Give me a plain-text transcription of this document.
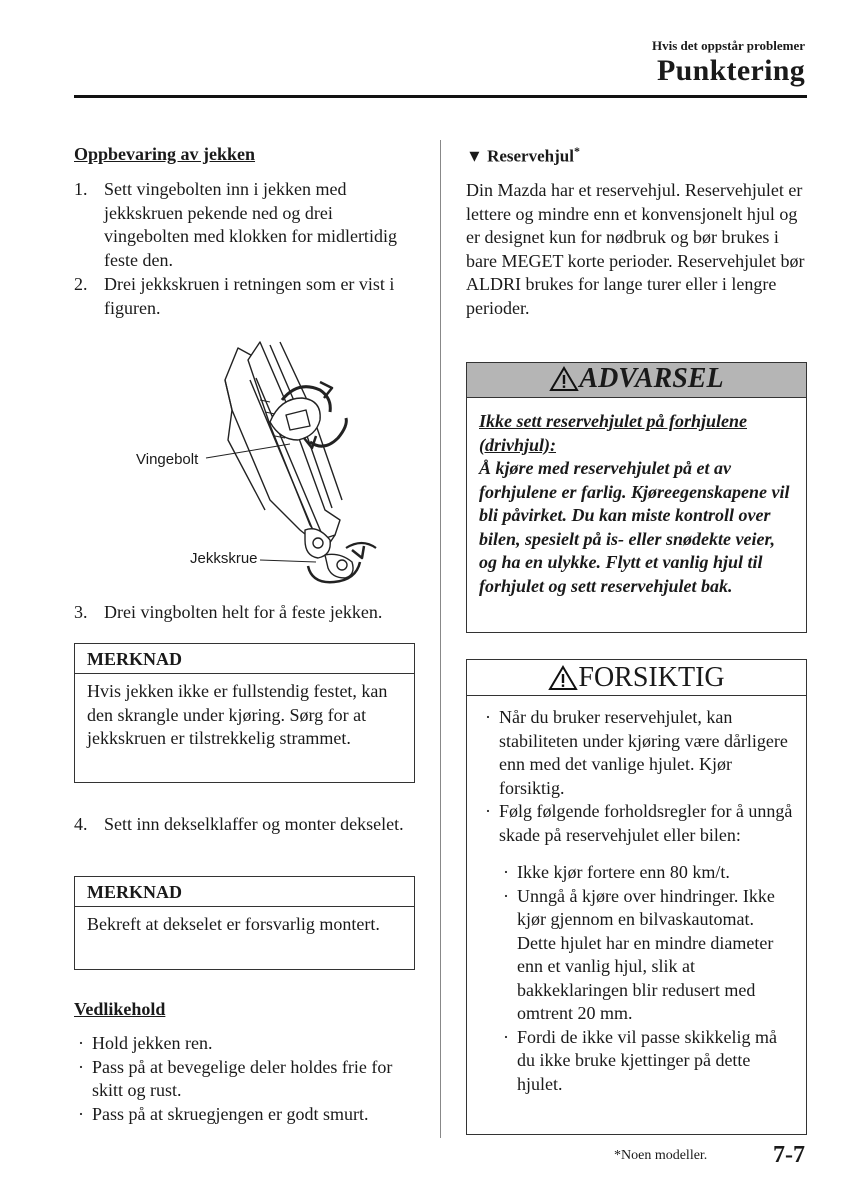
Hvis det oppstår problemer
Punktering
Oppbevaring av jekken
1. Sett vingebolten inn i jekken med jekkskruen pekende ned og drei vingebolten med klokken for midlertidig feste den.
2. Drei jekkskruen i retningen som er vist i figuren.
Vingebolt
Jekkskrue
3. Drei vingbolten helt for å feste jekken.
MERKNAD
Hvis jekken ikke er fullstendig festet, kan den skrangle under kjøring. Sørg for at jekkskruen er tilstrekkelig strammet.
4. Sett inn dekselklaffer og monter dekselet.
MERKNAD
Bekreft at dekselet er forsvarlig montert.
Vedlikehold
· Hold jekken ren.
· Pass på at bevegelige deler holdes frie for skitt og rust.
· Pass på at skruegjengen er godt smurt.
▼ Reservehjul*
Din Mazda har et reservehjul. Reservehjulet er lettere og mindre enn et konvensjonelt hjul og er designet kun for nødbruk og bør brukes i bare MEGET korte perioder. Reservehjulet bør ALDRI brukes for lange turer eller i lengre perioder.
ADVARSEL
Ikke sett reservehjulet på forhjulene (drivhjul):
Å kjøre med reservehjulet på et av forhjulene er farlig. Kjøreegenskapene vil bli påvirket. Du kan miste kontroll over bilen, spesielt på is- eller snødekte veier, og ha en ulykke. Flytt et vanlig hjul til forhjulet og sett reservehjulet bak.
FORSIKTIG
· Når du bruker reservehjulet, kan stabiliteten under kjøring være dårligere enn med det vanlige hjulet. Kjør forsiktig.
· Følg følgende forholdsregler for å unngå skade på reservehjulet eller bilen:
· Ikke kjør fortere enn 80 km/t.
· Unngå å kjøre over hindringer. Ikke kjør gjennom en bilvaskautomat. Dette hjulet har en mindre diameter enn et vanlig hjul, slik at bakkeklaringen blir redusert med omtrent 20 mm.
· Fordi de ikke vil passe skikkelig må du ikke bruke kjettinger på dette hjulet.
*Noen modeller.	7-7
